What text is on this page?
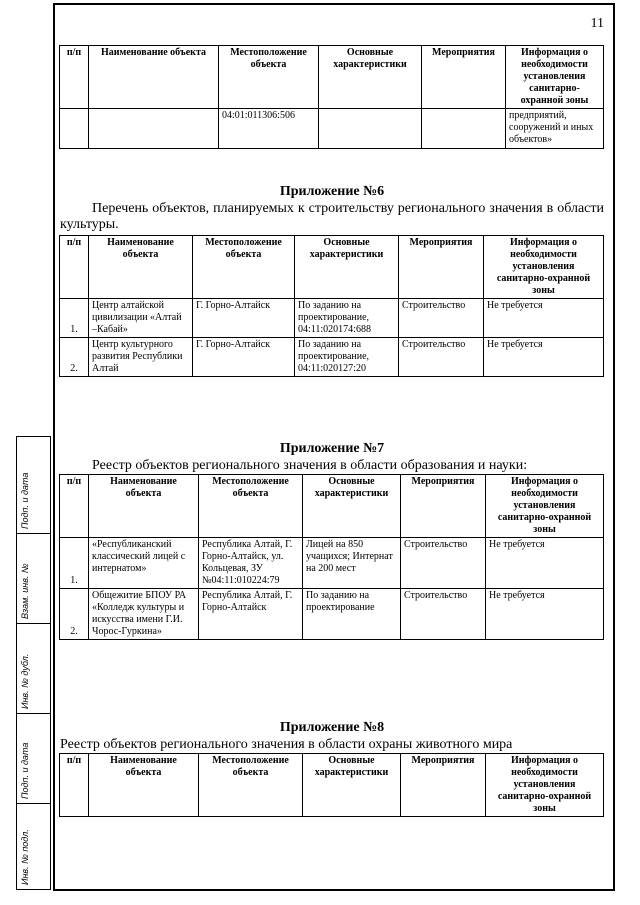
11
Подп. и дата
Взам. инв. №
Инв. № дубл.
Подп. и дата
Инв. № подл.
п/п	Наименование объекта	Местоположение объекта	Основные характеристики	Мероприятия	Информация о необходимости установления санитарно-охранной зоны
		04:01:011306:506			предприятий, сооружений и иных объектов»
Приложение №6
Перечень объектов, планируемых к строительству регионального значения в области культуры.
п/п	Наименование объекта	Местоположение объекта	Основные характеристики	Мероприятия	Информация о необходимости установления санитарно-охранной зоны
1.	Центр алтайской цивилизации «Алтай –Кабай»	Г. Горно-Алтайск	По заданию на проектирование, 04:11:020174:688	Строительство	Не требуется
2.	Центр культурного развития Республики Алтай	Г. Горно-Алтайск	По заданию на проектирование, 04:11:020127:20	Строительство	Не требуется
Приложение №7
Реестр объектов регионального значения в области образования и науки:
п/п	Наименование объекта	Местоположение объекта	Основные характеристики	Мероприятия	Информация о необходимости установления санитарно-охранной зоны
1.	«Республиканский классический лицей с интернатом»	Республика Алтай, Г. Горно-Алтайск, ул. Кольцевая, ЗУ №04:11:010224:79	Лицей на 850 учащихся; Интернат на 200 мест	Строительство	Не требуется
2.	Общежитие БПОУ РА «Колледж культуры и искусства имени Г.И. Чорос-Гуркина»	Республика Алтай, Г. Горно-Алтайск	По заданию на проектирование	Строительство	Не требуется
Приложение №8
Реестр объектов регионального значения в области охраны животного мира
п/п	Наименование объекта	Местоположение объекта	Основные характеристики	Мероприятия	Информация о необходимости установления санитарно-охранной зоны
